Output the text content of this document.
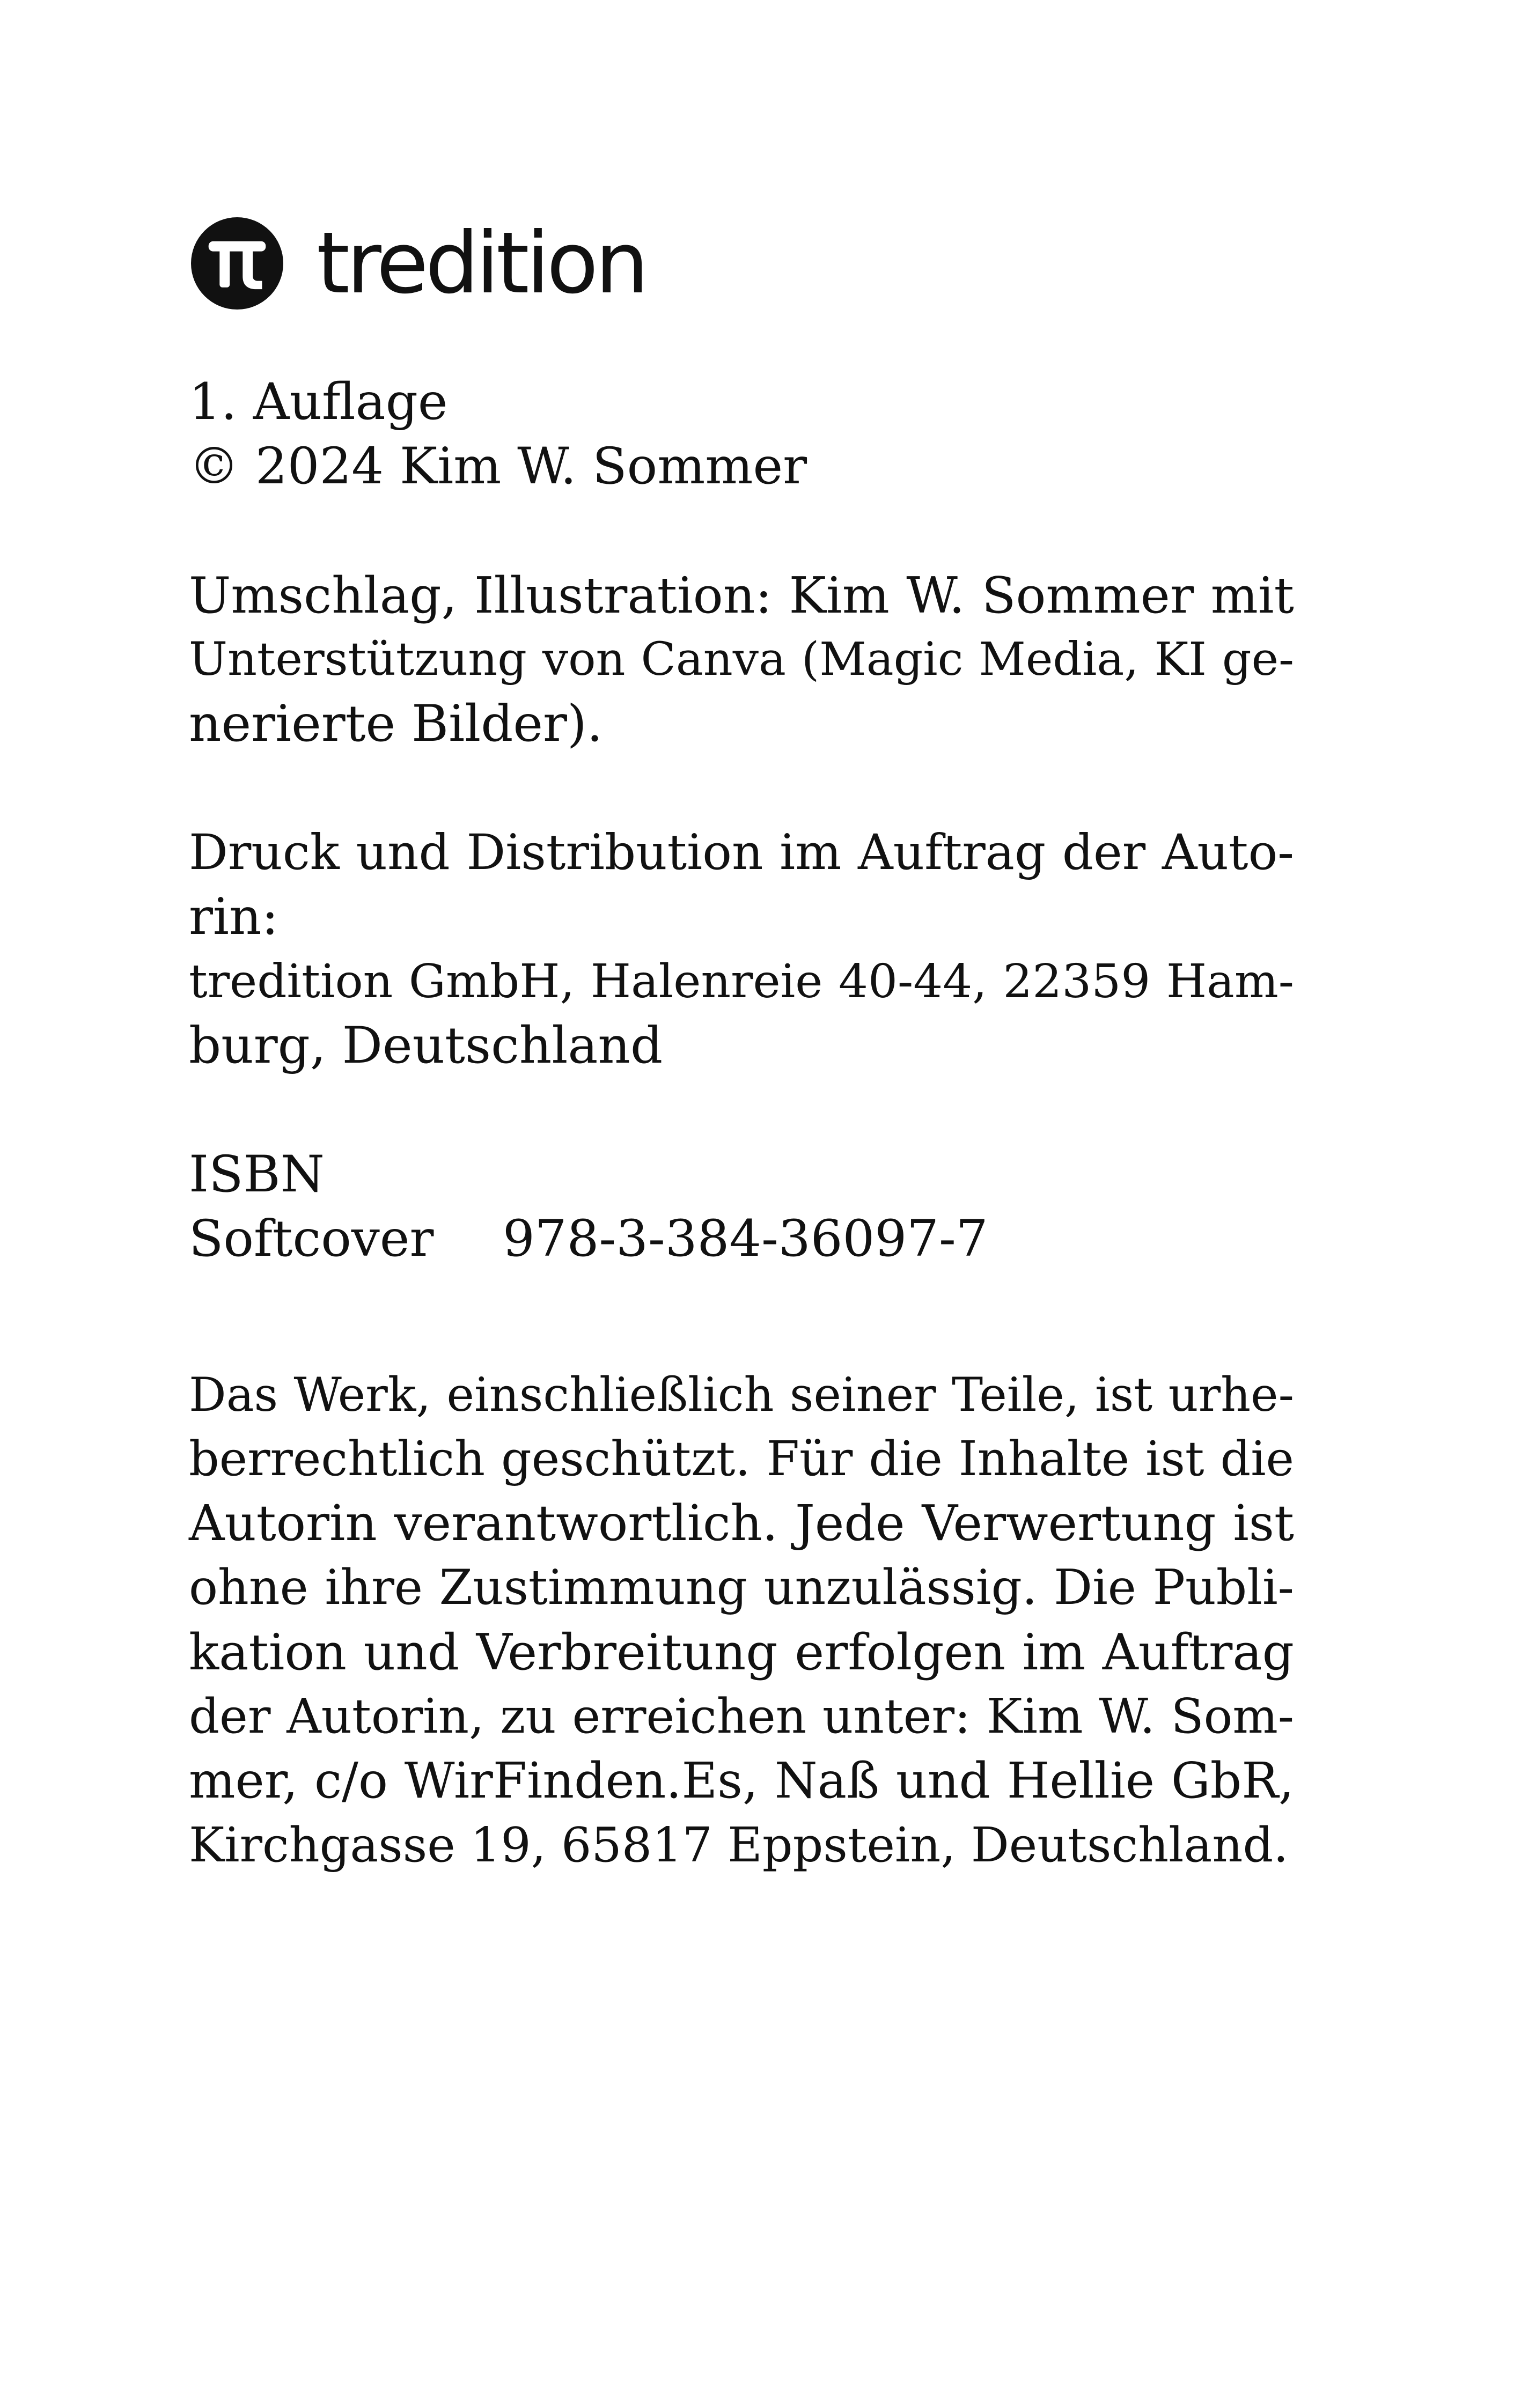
tredition
1. Auflage
© 2024 Kim W. Sommer
Umschlag, Illustration: Kim W. Sommer mit
Unterstützung von Canva (Magic Media, KI ge-
nerierte Bilder).
Druck und Distribution im Auftrag der Auto-
rin:
tredition GmbH, Halenreie 40-44, 22359 Ham-
burg, Deutschland
ISBN
Softcover	978-3-384-36097-7
Das Werk, einschließlich seiner Teile, ist urhe-
berrechtlich geschützt. Für die Inhalte ist die
Autorin verantwortlich. Jede Verwertung ist
ohne ihre Zustimmung unzulässig. Die Publi-
kation und Verbreitung erfolgen im Auftrag
der Autorin, zu erreichen unter: Kim W. Som-
mer, c/o WirFinden.Es, Naß und Hellie GbR,
Kirchgasse 19, 65817 Eppstein, Deutschland.
